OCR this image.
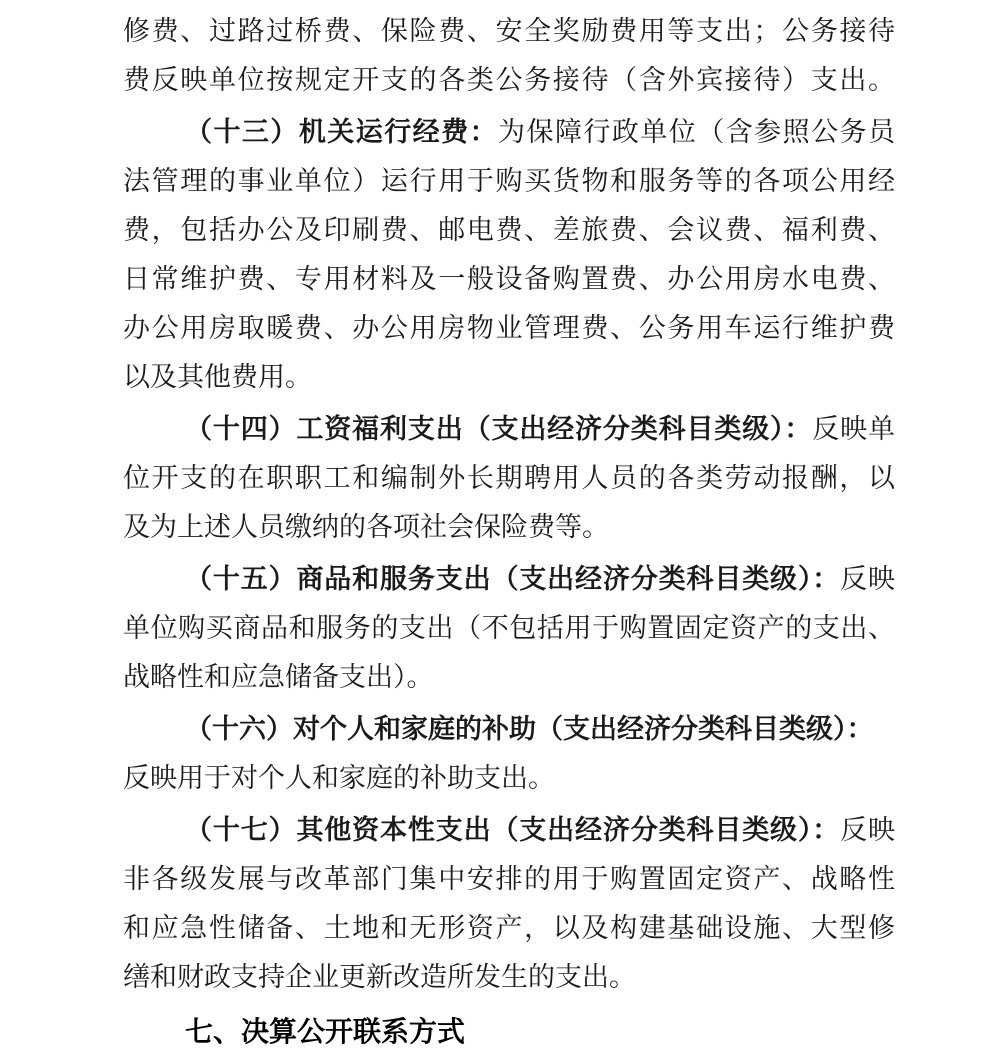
修费、过路过桥费、保险费、安全奖励费用等支出；公务接待
费反映单位按规定开支的各类公务接待（含外宾接待）支出。
（十三）机关运行经费：为保障行政单位（含参照公务员
法管理的事业单位）运行用于购买货物和服务等的各项公用经
费，包括办公及印刷费、邮电费、差旅费、会议费、福利费、
日常维护费、专用材料及一般设备购置费、办公用房水电费、
办公用房取暖费、办公用房物业管理费、公务用车运行维护费
以及其他费用。
（十四）工资福利支出（支出经济分类科目类级）：反映单
位开支的在职职工和编制外长期聘用人员的各类劳动报酬，以
及为上述人员缴纳的各项社会保险费等。
（十五）商品和服务支出（支出经济分类科目类级）：反映
单位购买商品和服务的支出（不包括用于购置固定资产的支出、
战略性和应急储备支出）。
（十六）对个人和家庭的补助（支出经济分类科目类级）：
反映用于对个人和家庭的补助支出。
（十七）其他资本性支出（支出经济分类科目类级）：反映
非各级发展与改革部门集中安排的用于购置固定资产、战略性
和应急性储备、土地和无形资产，以及构建基础设施、大型修
缮和财政支持企业更新改造所发生的支出。
七、决算公开联系方式
